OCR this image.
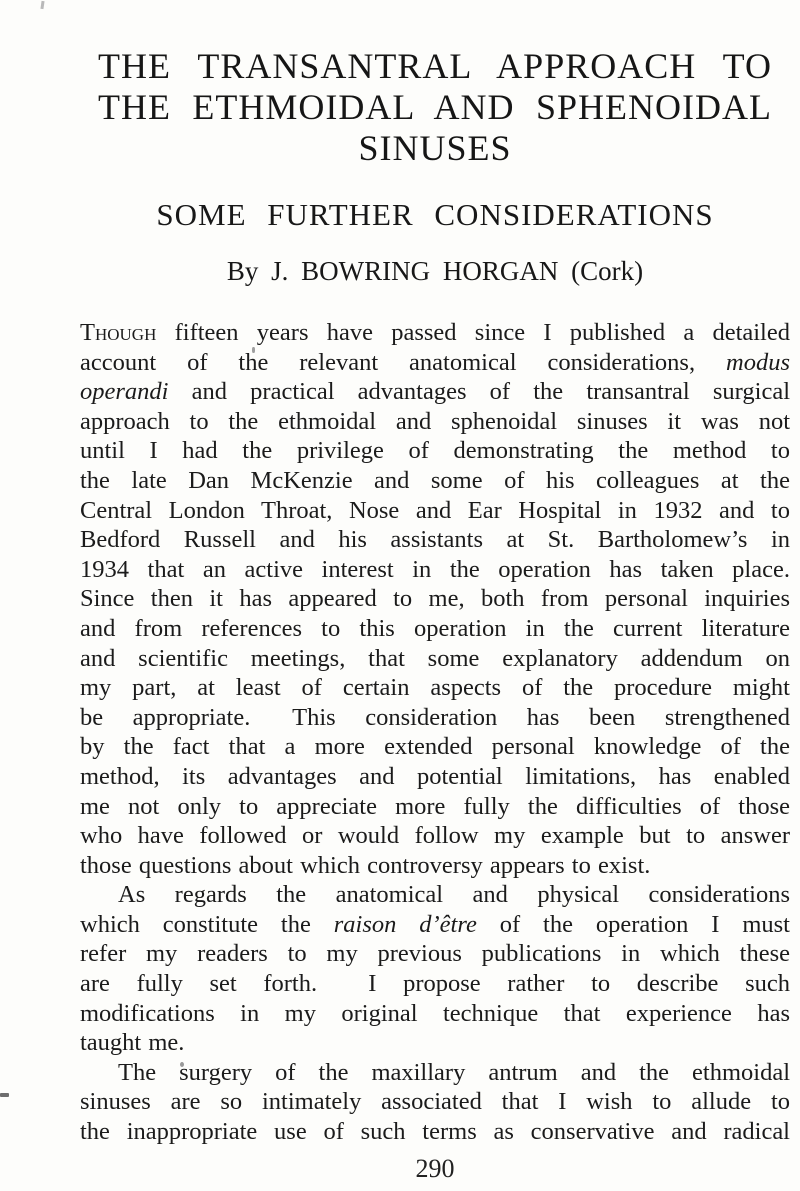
THE TRANSANTRAL APPROACH TO
THE ETHMOIDAL AND SPHENOIDAL
SINUSES
SOME FURTHER CONSIDERATIONS
By J. BOWRING HORGAN (Cork)
Though fifteen years have passed since I published a detailed
account of the relevant anatomical considerations, modus
operandi and practical advantages of the transantral surgical
approach to the ethmoidal and sphenoidal sinuses it was not
until I had the privilege of demonstrating the method to
the late Dan McKenzie and some of his colleagues at the
Central London Throat, Nose and Ear Hospital in 1932 and to
Bedford Russell and his assistants at St. Bartholomew’s in
1934 that an active interest in the operation has taken place.
Since then it has appeared to me, both from personal inquiries
and from references to this operation in the current literature
and scientific meetings, that some explanatory addendum on
my part, at least of certain aspects of the procedure might
be appropriate.  This consideration has been strengthened
by the fact that a more extended personal knowledge of the
method, its advantages and potential limitations, has enabled
me not only to appreciate more fully the difficulties of those
who have followed or would follow my example but to answer
those questions about which controversy appears to exist.
As regards the anatomical and physical considerations
which constitute the raison d’être of the operation I must
refer my readers to my previous publications in which these
are fully set forth.  I propose rather to describe such
modifications in my original technique that experience has
taught me.
The surgery of the maxillary antrum and the ethmoidal
sinuses are so intimately associated that I wish to allude to
the inappropriate use of such terms as conservative and radical
290
